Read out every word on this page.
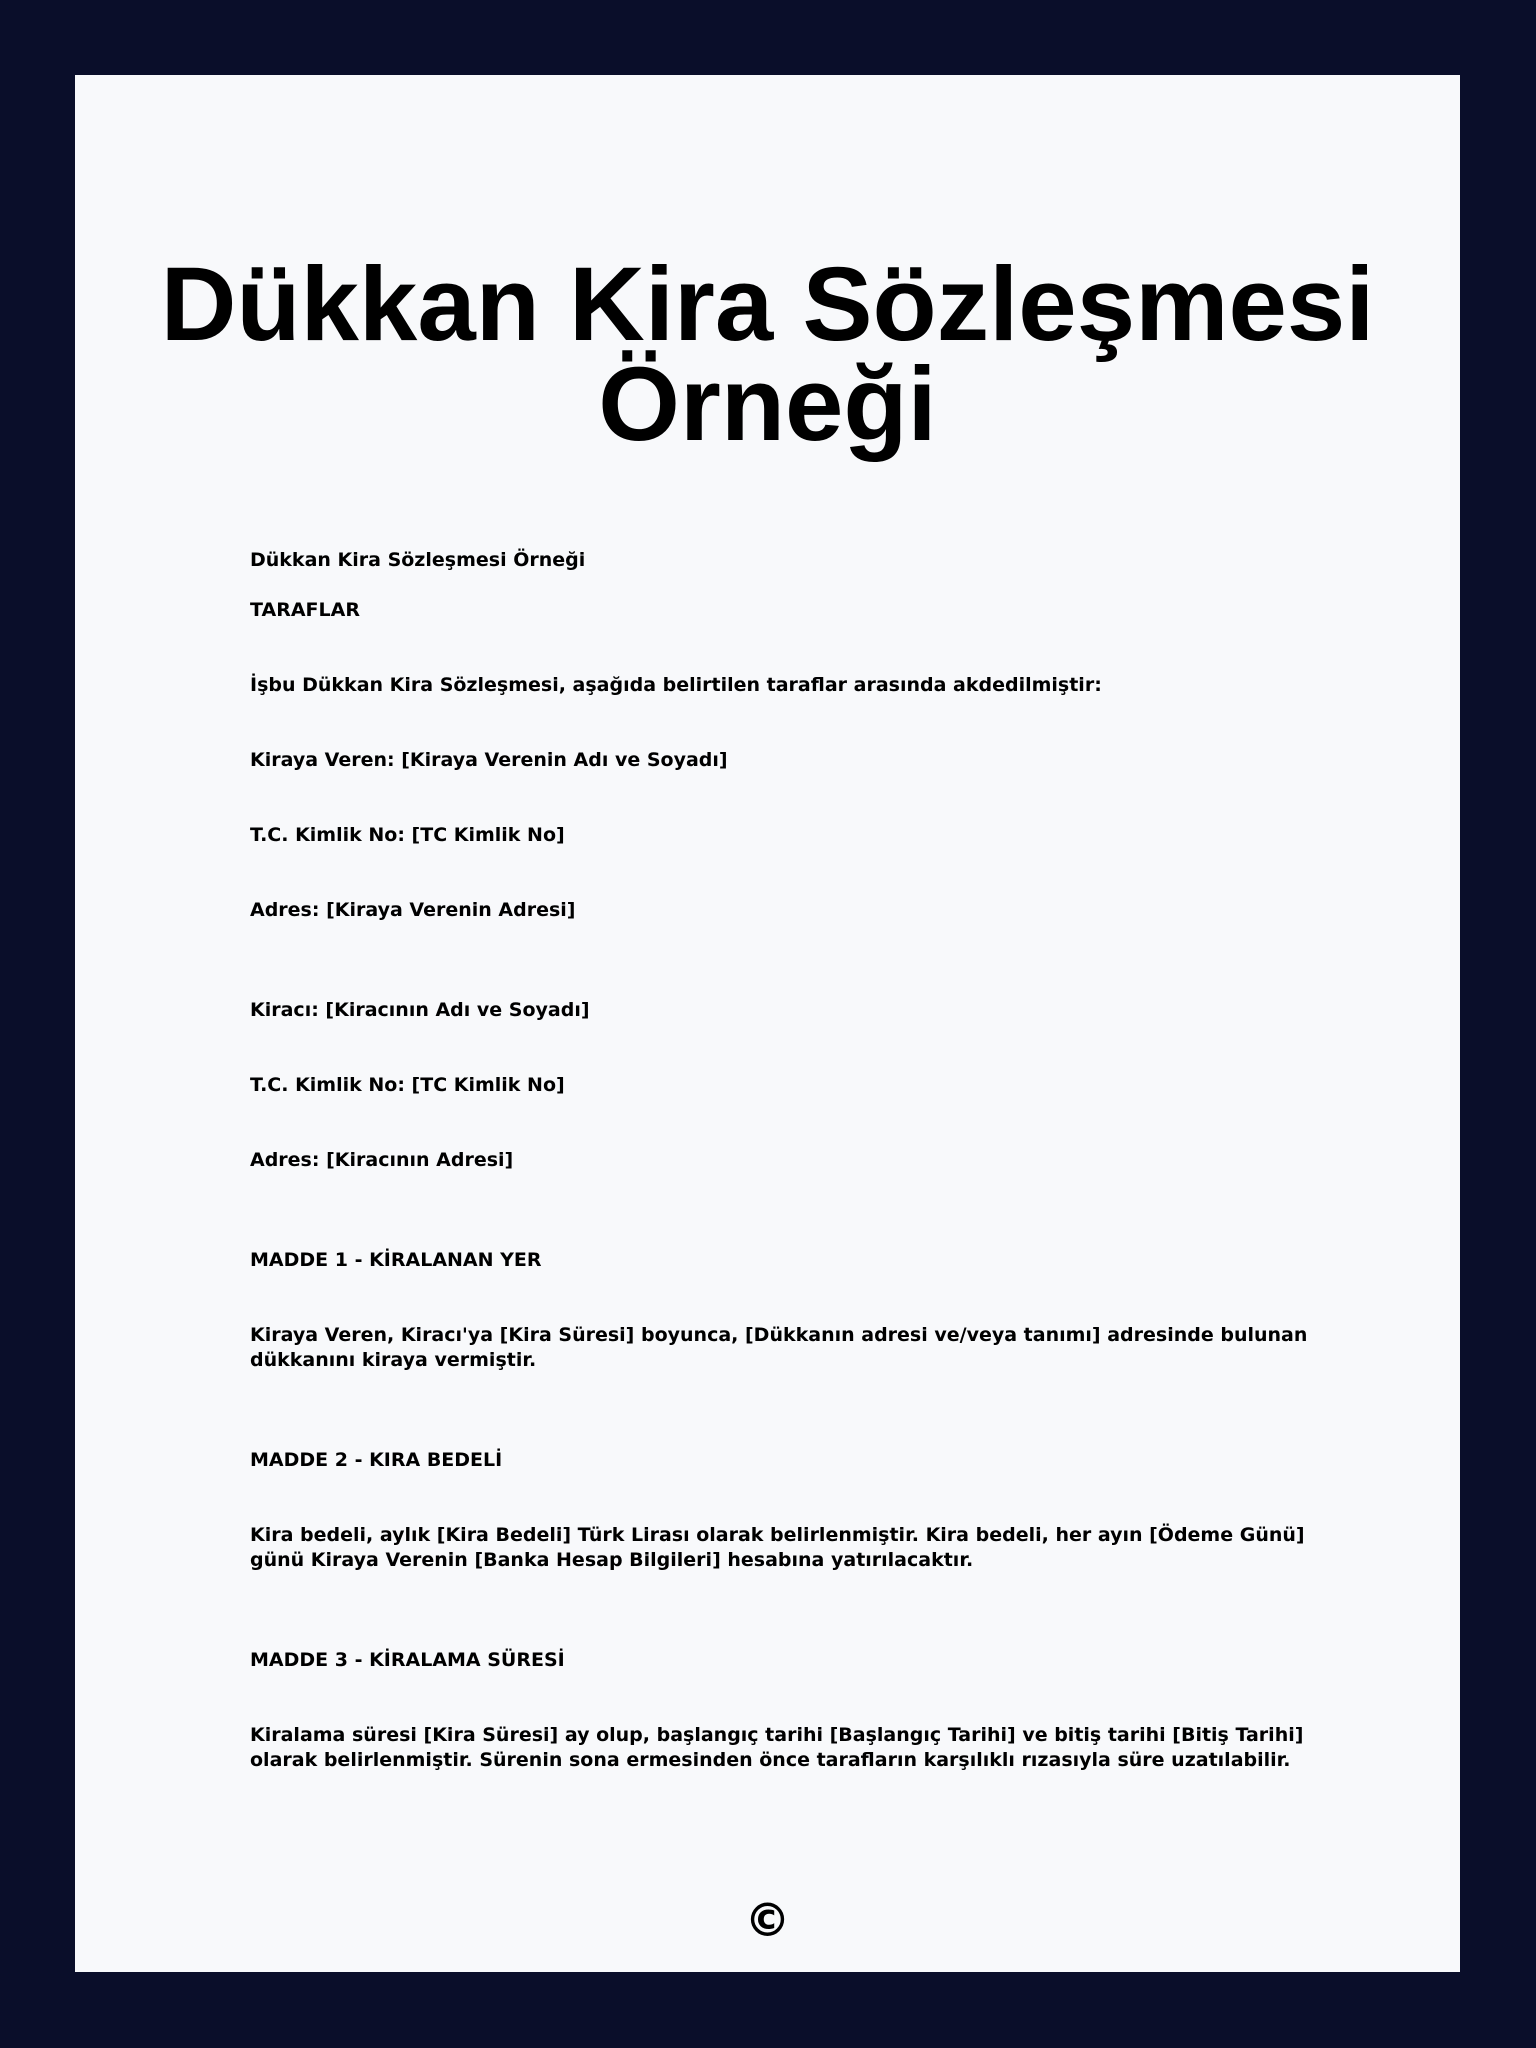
Dükkan Kira Sözleşmesi Örneği

Dükkan Kira Sözleşmesi Örneği

TARAFLAR

İşbu Dükkan Kira Sözleşmesi, aşağıda belirtilen taraflar arasında akdedilmiştir:

Kiraya Veren: [Kiraya Verenin Adı ve Soyadı]

T.C. Kimlik No: [TC Kimlik No]

Adres: [Kiraya Verenin Adresi]

Kiracı: [Kiracının Adı ve Soyadı]

T.C. Kimlik No: [TC Kimlik No]

Adres: [Kiracının Adresi]

MADDE 1 - KİRALANAN YER

Kiraya Veren, Kiracı'ya [Kira Süresi] boyunca, [Dükkanın adresi ve/veya tanımı] adresinde bulunan dükkanını kiraya vermiştir.

MADDE 2 - KIRA BEDELİ

Kira bedeli, aylık [Kira Bedeli] Türk Lirası olarak belirlenmiştir. Kira bedeli, her ayın [Ödeme Günü] günü Kiraya Verenin [Banka Hesap Bilgileri] hesabına yatırılacaktır.

MADDE 3 - KİRALAMA SÜRESİ

Kiralama süresi [Kira Süresi] ay olup, başlangıç tarihi [Başlangıç Tarihi] ve bitiş tarihi [Bitiş Tarihi] olarak belirlenmiştir. Sürenin sona ermesinden önce tarafların karşılıklı rızasıyla süre uzatılabilir.

©
